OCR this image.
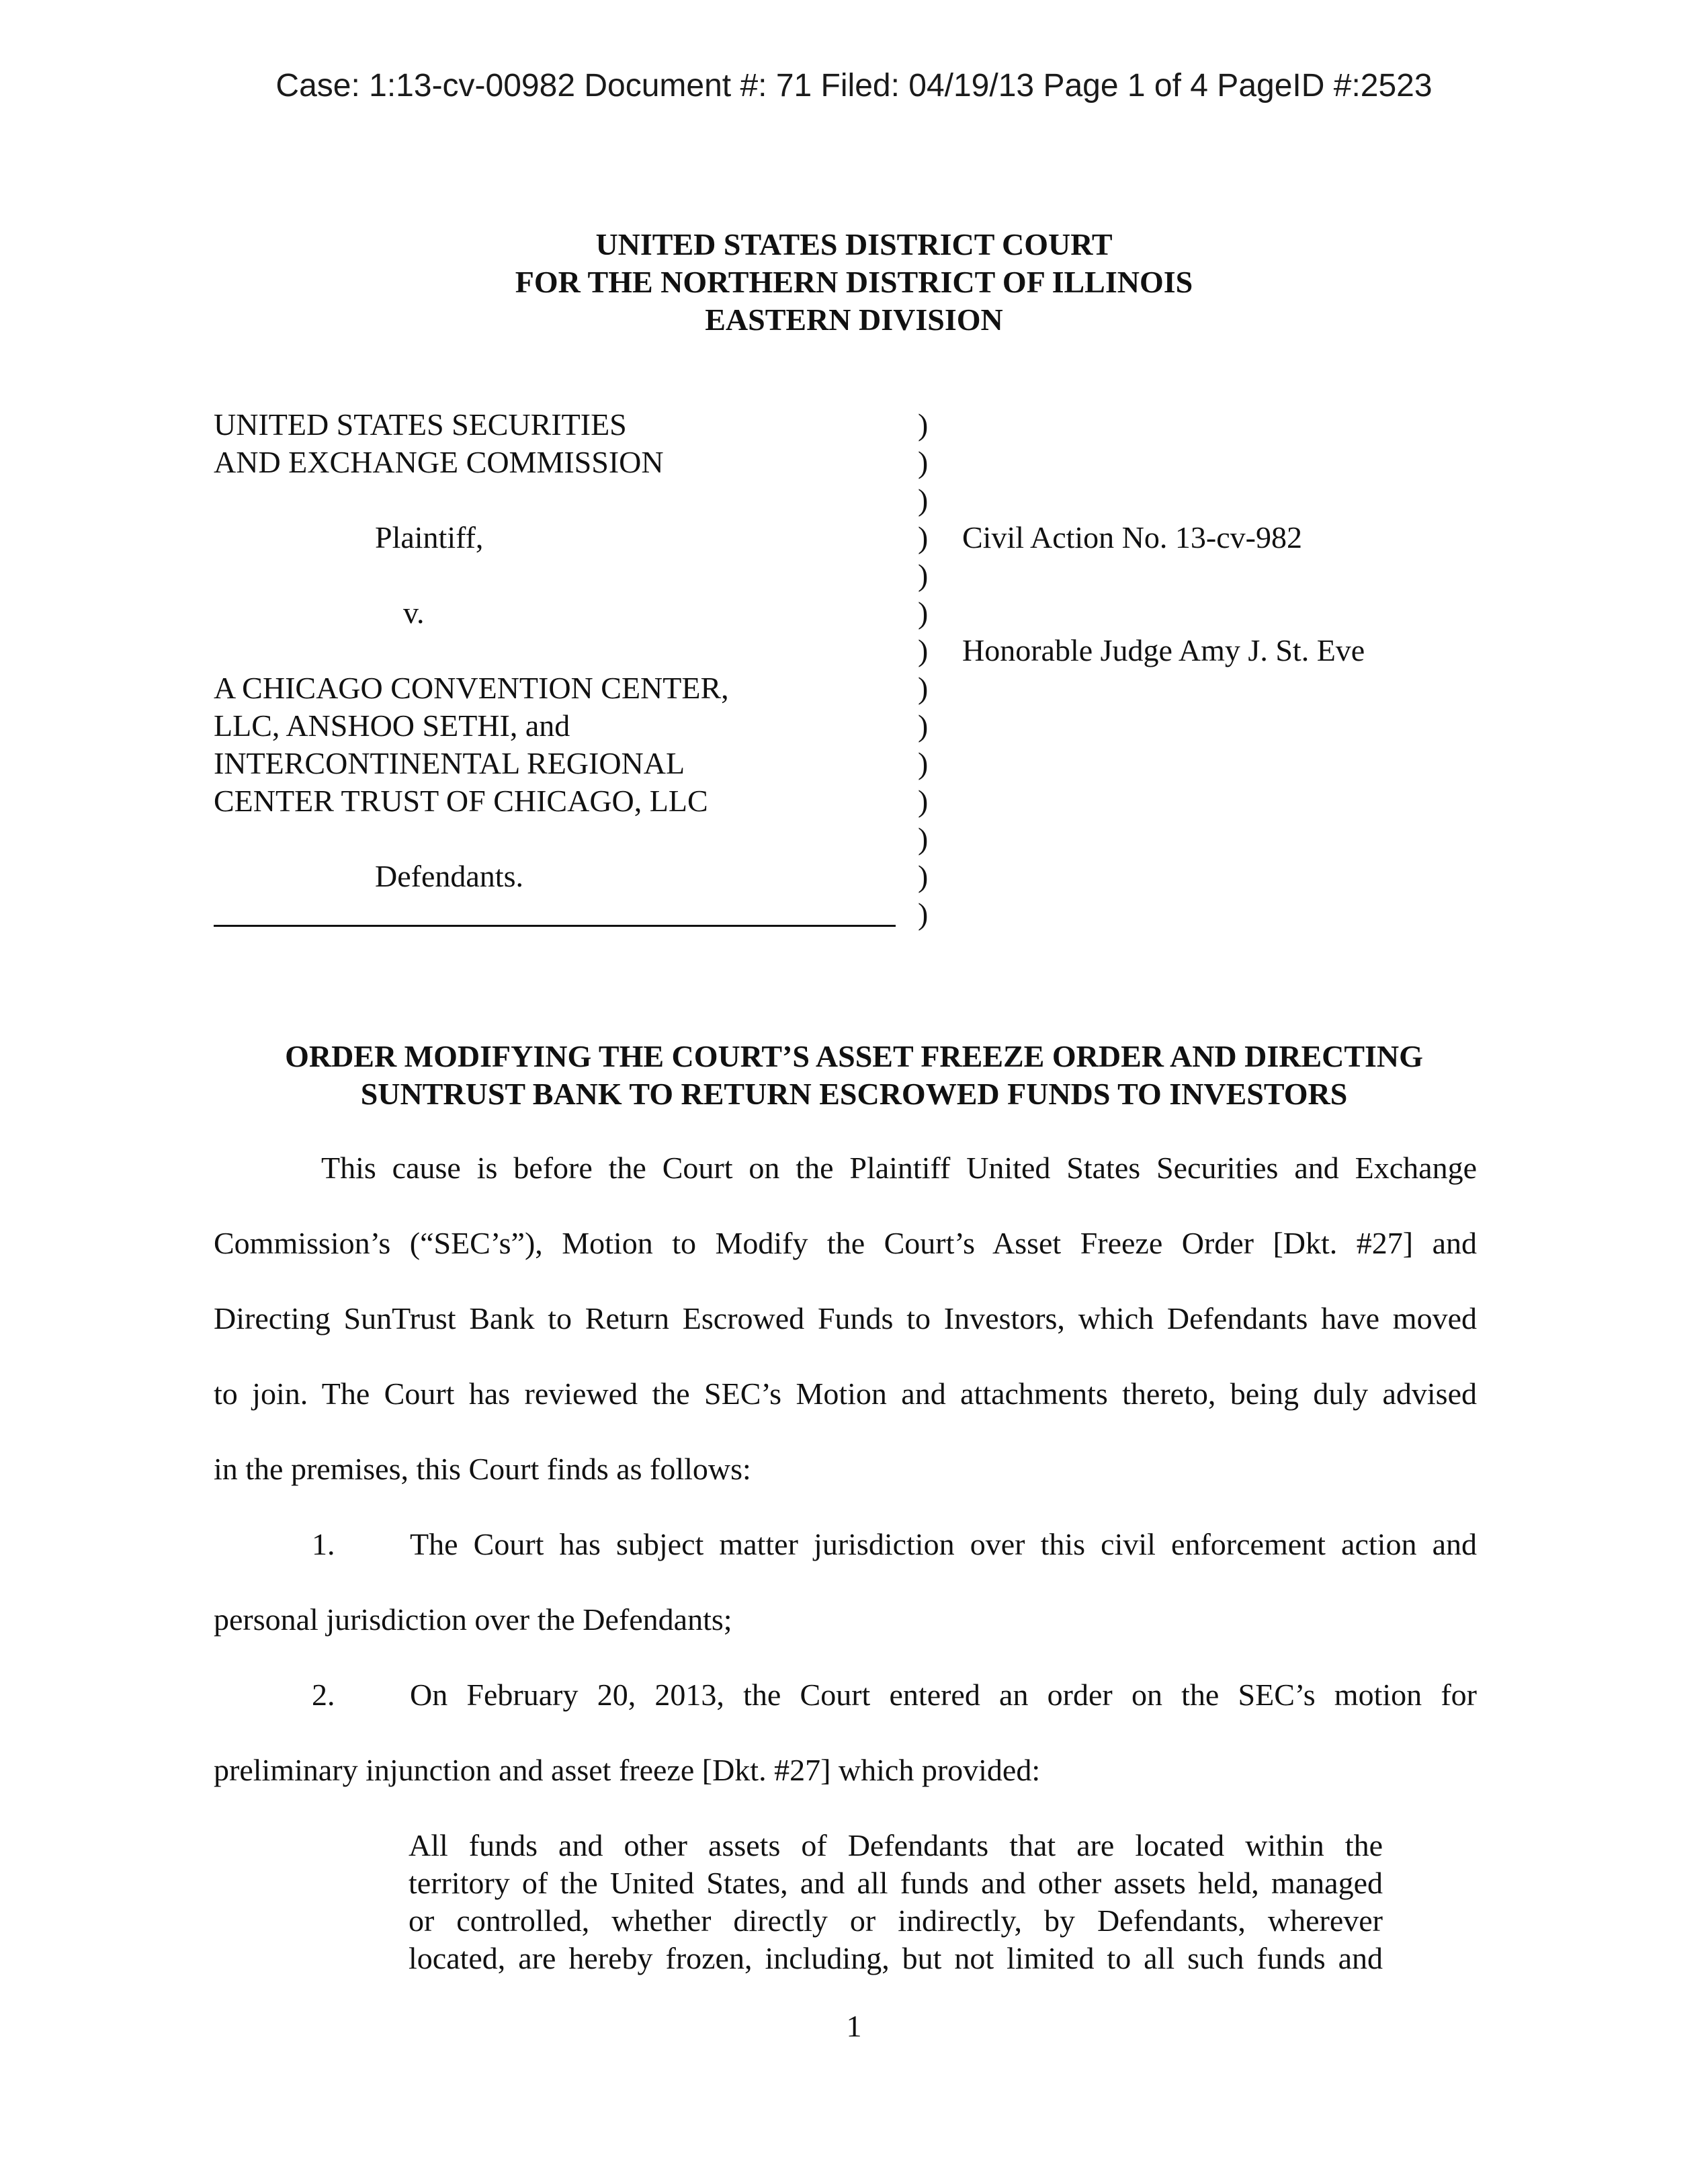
Case: 1:13-cv-00982 Document #: 71 Filed: 04/19/13 Page 1 of 4 PageID #:2523
UNITED STATES DISTRICT COURT
FOR THE NORTHERN DISTRICT OF ILLINOIS
EASTERN DIVISION
UNITED STATES SECURITIES
AND EXCHANGE COMMISSION
Plaintiff,
v.
A CHICAGO CONVENTION CENTER,
LLC, ANSHOO SETHI, and
INTERCONTINENTAL REGIONAL
CENTER TRUST OF CHICAGO, LLC
Defendants.
)
)
)
)
)
)
)
)
)
)
)
)
)
)
Civil Action No. 13-cv-982
Honorable Judge Amy J. St. Eve
ORDER MODIFYING THE COURT’S ASSET FREEZE ORDER AND DIRECTING
SUNTRUST BANK TO RETURN ESCROWED FUNDS TO INVESTORS
This cause is before the Court on the Plaintiff United States Securities and Exchange
Commission’s (“SEC’s”), Motion to Modify the Court’s Asset Freeze Order [Dkt. #27] and
Directing SunTrust Bank to Return Escrowed Funds to Investors, which Defendants have moved
to join. The Court has reviewed the SEC’s Motion and attachments thereto, being duly advised
in the premises, this Court finds as follows:
1. The Court has subject matter jurisdiction over this civil enforcement action and
personal jurisdiction over the Defendants;
2. On February 20, 2013, the Court entered an order on the SEC’s motion for
preliminary injunction and asset freeze [Dkt. #27] which provided:
All funds and other assets of Defendants that are located within the
territory of the United States, and all funds and other assets held, managed
or controlled, whether directly or indirectly, by Defendants, wherever
located, are hereby frozen, including, but not limited to all such funds and
1
